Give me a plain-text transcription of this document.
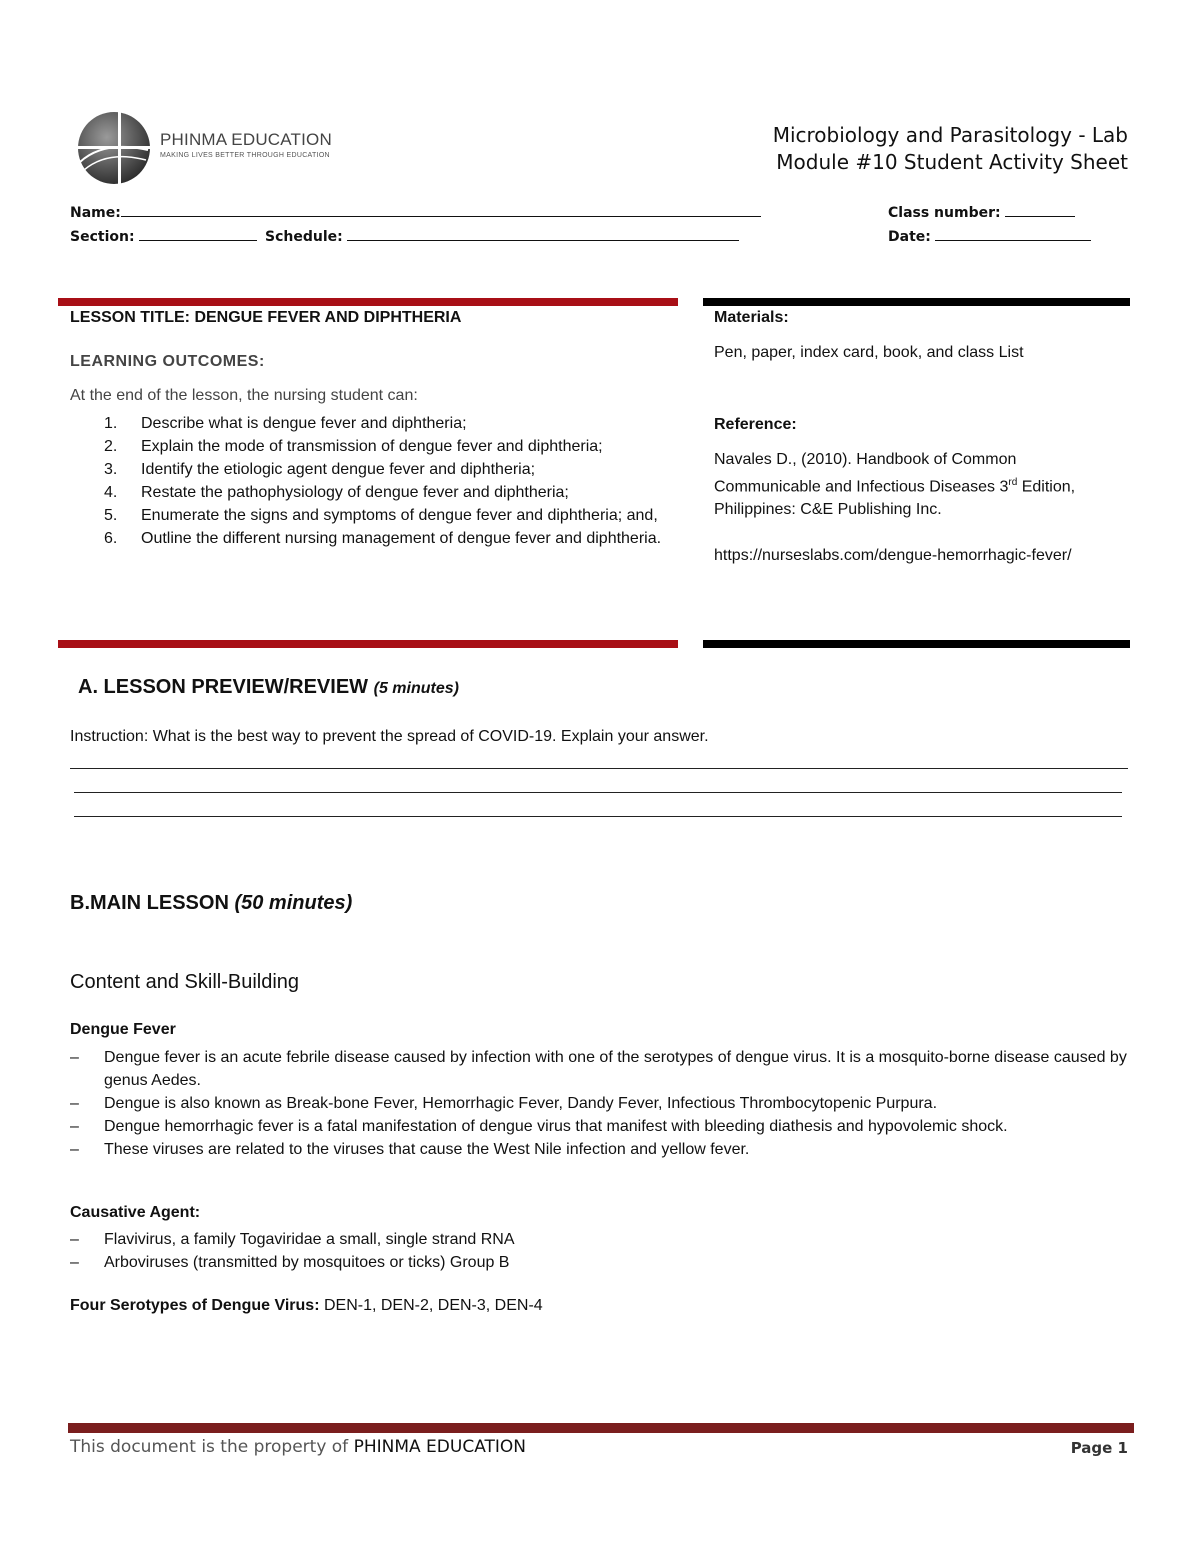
PHINMA EDUCATION
MAKING LIVES BETTER THROUGH EDUCATION
Microbiology and Parasitology - Lab
Module #10 Student Activity Sheet
Name:	Class number:
Section:	Schedule:	Date:
LESSON TITLE: DENGUE FEVER AND DIPHTHERIA
LEARNING OUTCOMES:
At the end of the lesson, the nursing student can:
1. Describe what is dengue fever and diphtheria;
2. Explain the mode of transmission of dengue fever and diphtheria;
3. Identify the etiologic agent dengue fever and diphtheria;
4. Restate the pathophysiology of dengue fever and diphtheria;
5. Enumerate the signs and symptoms of dengue fever and diphtheria; and,
6. Outline the different nursing management of dengue fever and diphtheria.
Materials:
Pen, paper, index card, book, and class List
Reference:
Navales D., (2010). Handbook of Common Communicable and Infectious Diseases 3rd Edition, Philippines: C&E Publishing Inc.
https://nurseslabs.com/dengue-hemorrhagic-fever/
A. LESSON PREVIEW/REVIEW (5 minutes)
Instruction: What is the best way to prevent the spread of COVID-19. Explain your answer.
B.MAIN LESSON (50 minutes)
Content and Skill-Building
Dengue Fever
– Dengue fever is an acute febrile disease caused by infection with one of the serotypes of dengue virus. It is a mosquito-borne disease caused by genus Aedes.
– Dengue is also known as Break-bone Fever, Hemorrhagic Fever, Dandy Fever, Infectious Thrombocytopenic Purpura.
– Dengue hemorrhagic fever is a fatal manifestation of dengue virus that manifest with bleeding diathesis and hypovolemic shock.
– These viruses are related to the viruses that cause the West Nile infection and yellow fever.
Causative Agent:
– Flavivirus, a family Togaviridae a small, single strand RNA
– Arboviruses (transmitted by mosquitoes or ticks) Group B
Four Serotypes of Dengue Virus: DEN-1, DEN-2, DEN-3, DEN-4
This document is the property of PHINMA EDUCATION	Page 1
